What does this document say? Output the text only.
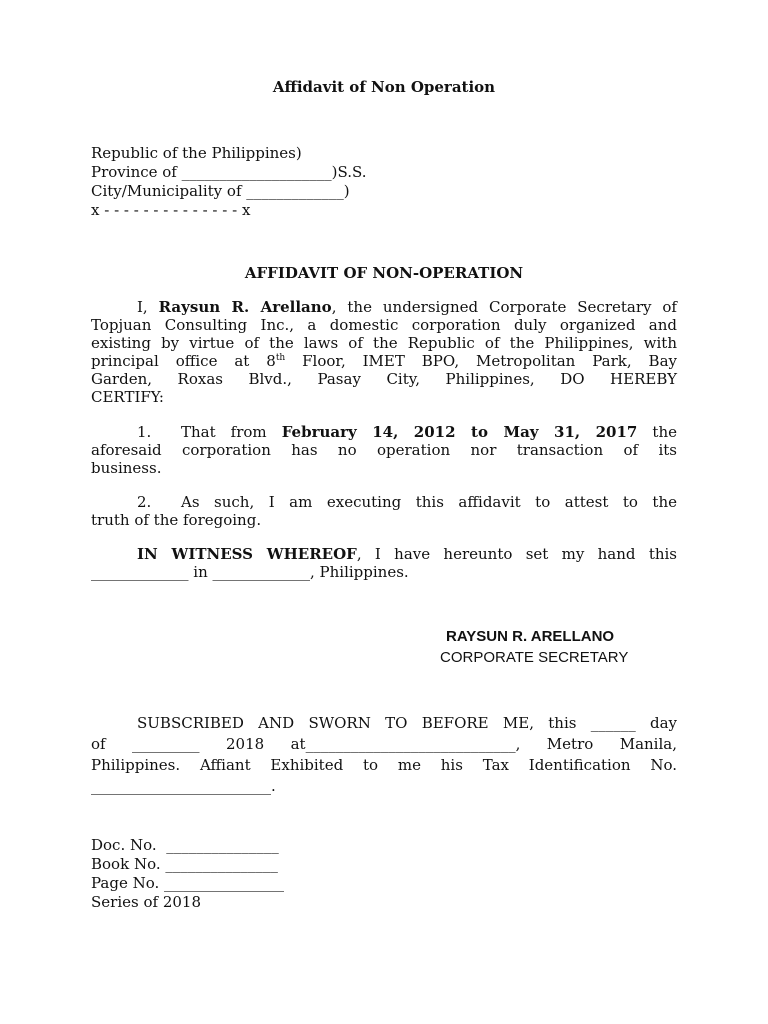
Affidavit of Non Operation
Republic of the Philippines)
Province of ____________________)S.S.
City/Municipality of _____________)
x - - - - - - - - - - - - - - x
AFFIDAVIT OF NON-OPERATION
I, Raysun R. Arellano, the undersigned Corporate Secretary of
Topjuan Consulting Inc., a domestic corporation duly organized and
existing by virtue of the laws of the Republic of the Philippines, with
principal office at 8th Floor, IMET BPO, Metropolitan Park, Bay
Garden, Roxas Blvd., Pasay City, Philippines, DO HEREBY
CERTIFY:
1. That from February 14, 2012 to May 31, 2017 the
aforesaid corporation has no operation nor transaction of its
business.
2. As such, I am executing this affidavit to attest to the
truth of the foregoing.
IN WITNESS WHEREOF, I have hereunto set my hand this
_____________ in _____________, Philippines.
RAYSUN R. ARELLANO
CORPORATE SECRETARY
SUBSCRIBED AND SWORN TO BEFORE ME, this ______ day
of _________ 2018 at____________________________, Metro Manila,
Philippines. Affiant Exhibited to me his Tax Identification No.
________________________.
Doc. No.  _______________
Book No. _______________
Page No. ________________
Series of 2018
